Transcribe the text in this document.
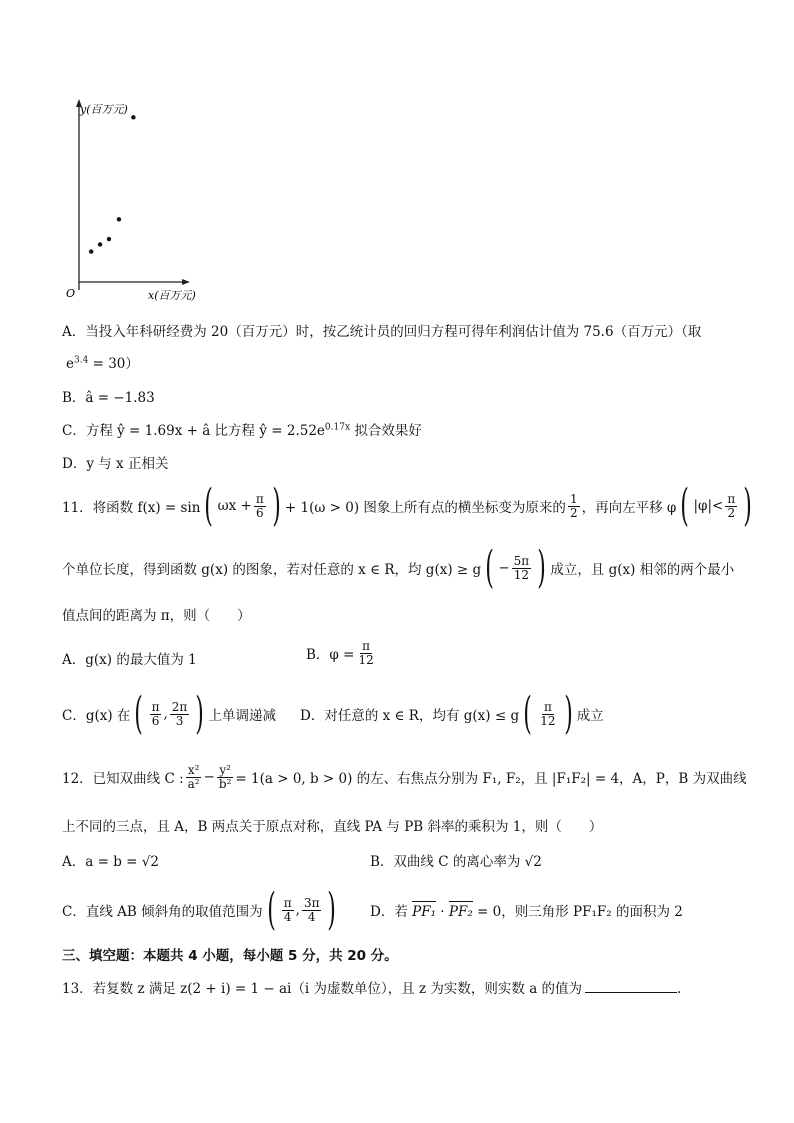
y(百万元)
x(百万元)
O
A．当投入年科研经费为 20（百万元）时，按乙统计员的回归方程可得年利润估计值为 75.6（百万元）（取
$e^{3.4} = 30$）
B．â = −1.83
C．方程 ŷ = 1.69x + â 比方程 ŷ = $2.52e^{0.17x}$ 拟合效果好
D．y 与 x 正相关
11．将函数 f(x) = sin ( $\omega x + \frac{\pi}{6}$ ) + 1(ω > 0) 图象上所有点的横坐标变为原来的 $\frac{1}{2}$ ，再向左平移 φ ( $|\varphi|< \frac{\pi}{2}$ )
个单位长度，得到函数 g(x) 的图象，若对任意的 x ∈ R，均 g(x) ≥ g ( − $\frac{5\pi}{12}$ ) 成立，且 g(x) 相邻的两个最小
值点间的距离为 π，则（　　）
A．g(x) 的最大值为 1	B．$\varphi = \frac{\pi}{12}$
C．g(x) 在 ( $\frac{\pi}{6}$ , $\frac{2\pi}{3}$ ) 上单调递减 D．对任意的 x ∈ R，均有 g(x) ≤ g ( $\frac{\pi}{12}$ ) 成立
12．已知双曲线 C : $\frac{\text{x²}}{\text{a²}} - \frac{\text{y²}}{\text{b²}} = 1(a > 0$, b > 0) 的左、右焦点分别为 F₁, F₂，且 |F₁F₂| = 4，A，P，B 为双曲线
上不同的三点，且 A，B 两点关于原点对称，直线 PA 与 PB 斜率的乘积为 1，则（　　）
A．a = b = √2	B．双曲线 C 的离心率为 √2
C．直线 AB 倾斜角的取值范围为 ( $\frac{\pi}{4}$ , $\frac{3\pi}{4}$ ) D．若 PF₁ · PF₂ = 0，则三角形 PF₁F₂ 的面积为 2
三、填空题：本题共 4 小题，每小题 5 分，共 20 分。
13．若复数 z 满足 z(2 + i) = 1 − ai（i 为虚数单位），且 z 为实数，则实数 a 的值为	.
